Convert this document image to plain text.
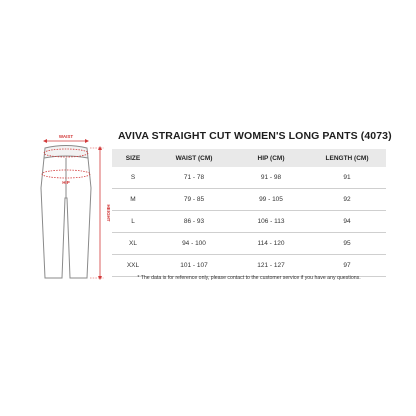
WAIST
HIP
HEIGHT
AVIVA STRAIGHT CUT WOMEN'S LONG PANTS (4073)
SIZE	WAIST (CM)	HIP (CM)	LENGTH (CM)
S	71 - 78	91 - 98	91
M	79 - 85	99 - 105	92
L	86 - 93	106 - 113	94
XL	94 - 100	114 - 120	95
XXL	101 - 107	121 - 127	97
* The data is for reference only, please contact to the customer service if you have any questions.
